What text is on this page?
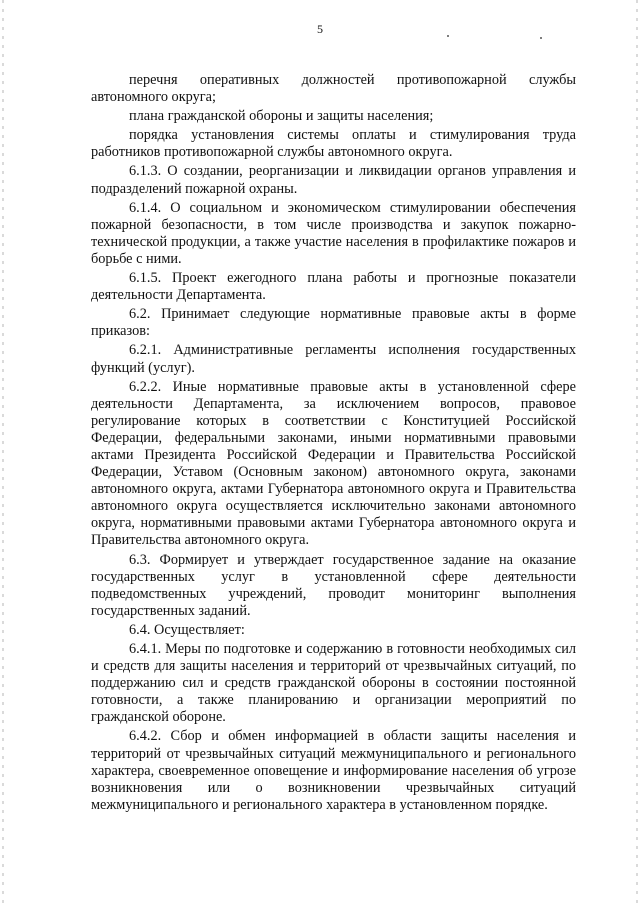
5

перечня оперативных должностей противопожарной службы автономного округа;

плана гражданской обороны и защиты населения;

порядка установления системы оплаты и стимулирования труда работников противопожарной службы автономного округа.

6.1.3. О создании, реорганизации и ликвидации органов управления и подразделений пожарной охраны.

6.1.4. О социальном и экономическом стимулировании обеспечения пожарной безопасности, в том числе производства и закупок пожарно-технической продукции, а также участие населения в профилактике пожаров и борьбе с ними.

6.1.5. Проект ежегодного плана работы и прогнозные показатели деятельности Департамента.

6.2. Принимает следующие нормативные правовые акты в форме приказов:

6.2.1. Административные регламенты исполнения государственных функций (услуг).

6.2.2. Иные нормативные правовые акты в установленной сфере деятельности Департамента, за исключением вопросов, правовое регулирование которых в соответствии с Конституцией Российской Федерации, федеральными законами, иными нормативными правовыми актами Президента Российской Федерации и Правительства Российской Федерации, Уставом (Основным законом) автономного округа, законами автономного округа, актами Губернатора автономного округа и Правительства автономного округа осуществляется исключительно законами автономного округа, нормативными правовыми актами Губернатора автономного округа и Правительства автономного округа.

6.3. Формирует и утверждает государственное задание на оказание государственных услуг в установленной сфере деятельности подведомственных учреждений, проводит мониторинг выполнения государственных заданий.

6.4. Осуществляет:

6.4.1. Меры по подготовке и содержанию в готовности необходимых сил и средств для защиты населения и территорий от чрезвычайных ситуаций, по поддержанию сил и средств гражданской обороны в состоянии постоянной готовности, а также планированию и организации мероприятий по гражданской обороне.

6.4.2. Сбор и обмен информацией в области защиты населения и территорий от чрезвычайных ситуаций межмуниципального и регионального характера, своевременное оповещение и информирование населения об угрозе возникновения или о возникновении чрезвычайных ситуаций межмуниципального и регионального характера в установленном порядке.
